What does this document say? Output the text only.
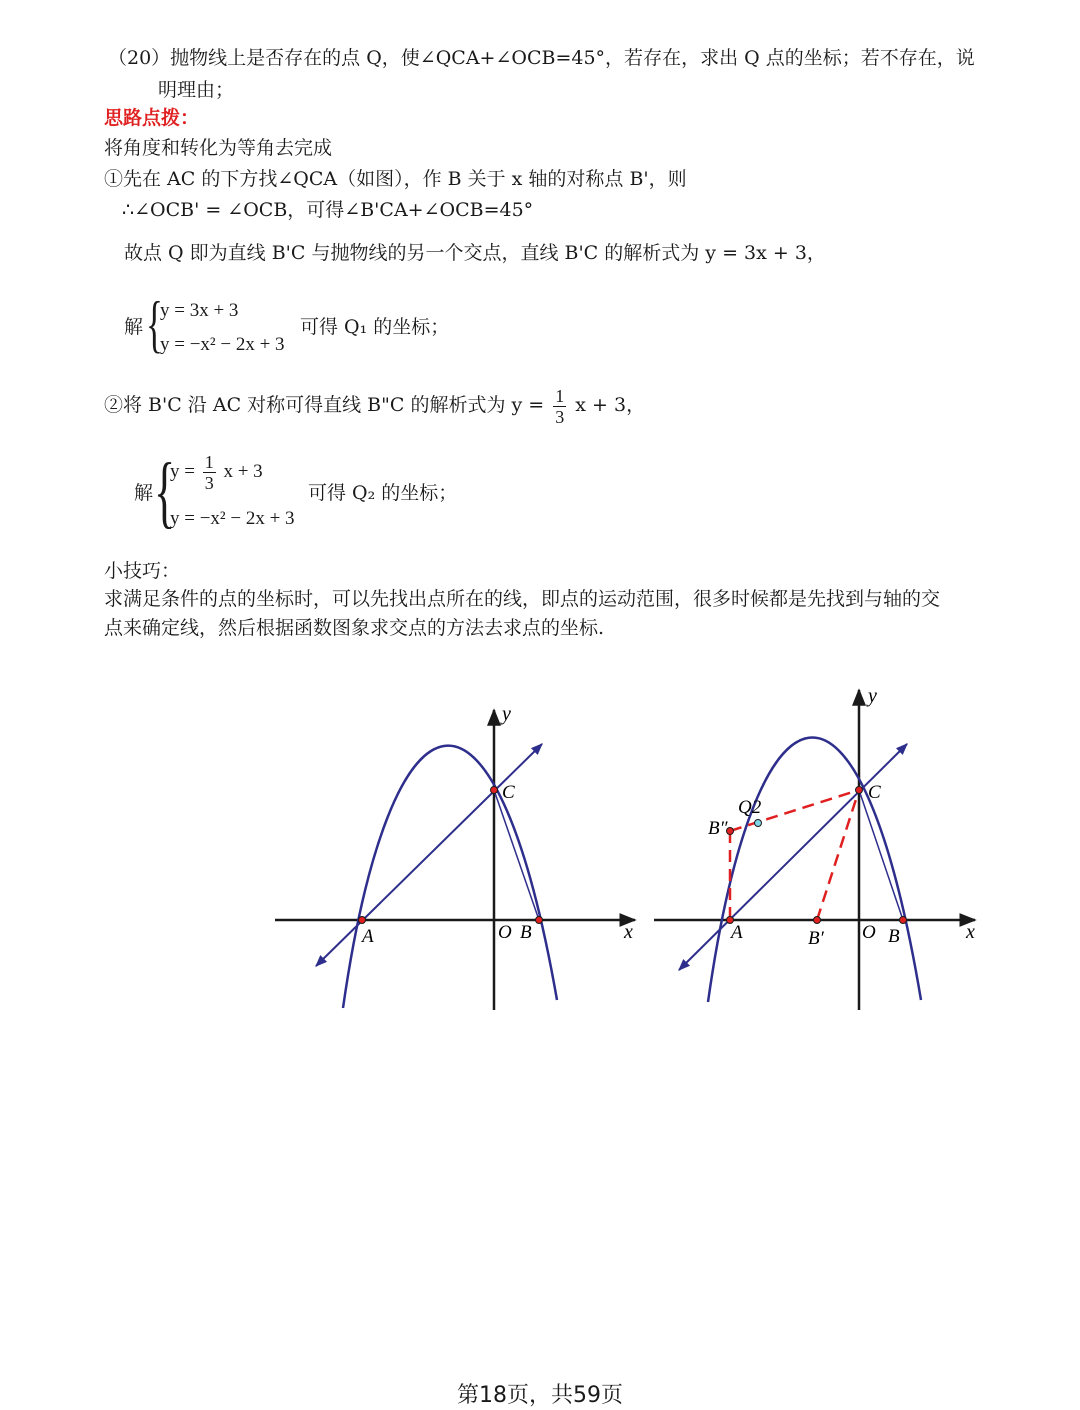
（20）抛物线上是否存在的点 Q，使∠QCA+∠OCB=45°，若存在，求出 Q 点的坐标；若不存在，说
明理由；
思路点拨：
将角度和转化为等角去完成
①先在 AC 的下方找∠QCA（如图），作 B 关于 x 轴的对称点 B'，则
∴∠OCB' = ∠OCB，可得∠B'CA+∠OCB=45°
故点 Q 即为直线 B'C 与抛物线的另一个交点，直线 B'C 的解析式为 y = 3x + 3，
解 {
y = 3x + 3
y = −x² − 2x + 3
可得 Q₁ 的坐标；
②将 B'C 沿 AC 对称可得直线 B"C 的解析式为 $y = \frac{1}{3}$ x + 3，
解 {
$y = \frac{1}{3}$ x + 3
y = −x² − 2x + 3
可得 Q₂ 的坐标；
小技巧：
求满足条件的点的坐标时，可以先找出点所在的线，即点的运动范围，很多时候都是先找到与轴的交
点来确定线，然后根据函数图象求交点的方法去求点的坐标.
y
x
C
A	O B
y
x
C
A	O B
B′
B″
Q2
第18页，共59页
